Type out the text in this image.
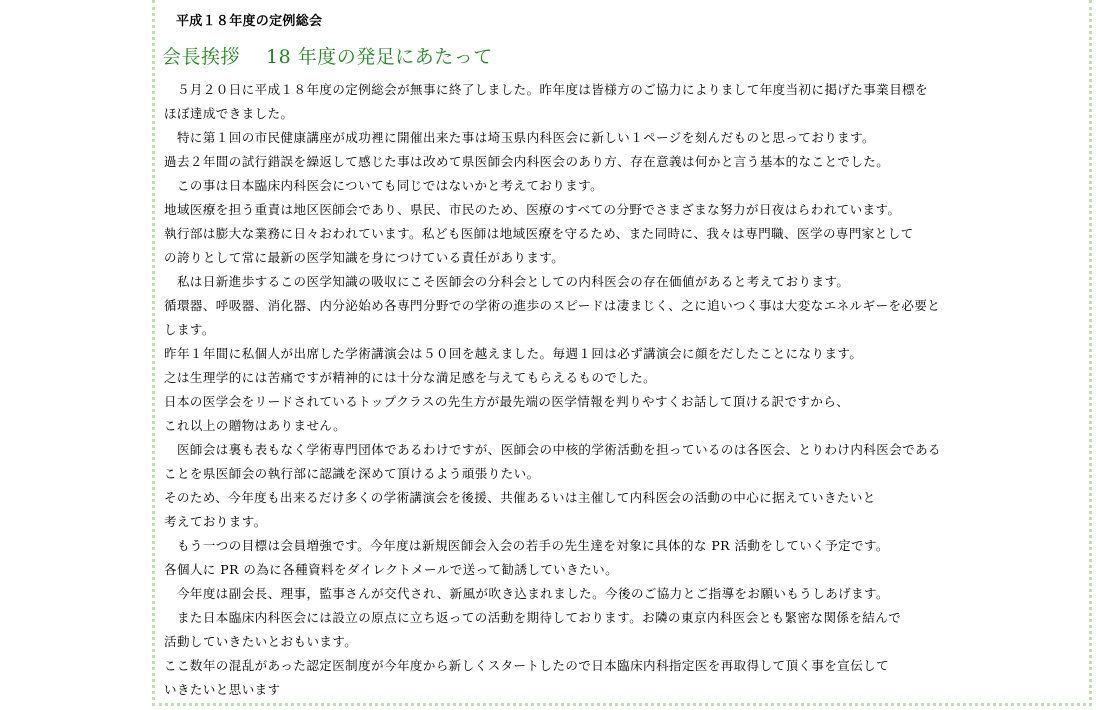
平成１８年度の定例総会
会長挨拶 18 年度の発足にあたって
　５月２０日に平成１８年度の定例総会が無事に終了しました。昨年度は皆様方のご協力によりまして年度当初に掲げた事業目標を
ほぼ達成できました。
　特に第１回の市民健康講座が成功裡に開催出来た事は埼玉県内科医会に新しい１ページを刻んだものと思っております。
過去２年間の試行錯誤を繰返して感じた事は改めて県医師会内科医会のあり方、存在意義は何かと言う基本的なことでした。
　この事は日本臨床内科医会についても同じではないかと考えております。
地域医療を担う重責は地区医師会であり、県民、市民のため、医療のすべての分野でさまざまな努力が日夜はらわれています。
執行部は膨大な業務に日々おわれています。私ども医師は地域医療を守るため、また同時に、我々は専門職、医学の専門家として
の誇りとして常に最新の医学知識を身につけている責任があります。
　私は日新進歩するこの医学知識の吸収にこそ医師会の分科会としての内科医会の存在価値があると考えております。
循環器、呼吸器、消化器、内分泌始め各専門分野での学術の進歩のスピードは凄まじく、之に追いつく事は大変なエネルギーを必要と
します。
昨年１年間に私個人が出席した学術講演会は５０回を越えました。毎週１回は必ず講演会に顔をだしたことになります。
之は生理学的には苦痛ですが精神的には十分な満足感を与えてもらえるものでした。
日本の医学会をリードされているトップクラスの先生方が最先端の医学情報を判りやすくお話して頂ける訳ですから、
これ以上の贈物はありません。
　医師会は裏も表もなく学術専門団体であるわけですが、医師会の中核的学術活動を担っているのは各医会、とりわけ内科医会である
ことを県医師会の執行部に認識を深めて頂けるよう頑張りたい。
そのため、今年度も出来るだけ多くの学術講演会を後援、共催あるいは主催して内科医会の活動の中心に据えていきたいと
考えております。
　もう一つの目標は会員増強です。今年度は新規医師会入会の若手の先生達を対象に具体的な PR 活動をしていく予定です。
各個人に PR の為に各種資料をダイレクトメールで送って勧誘していきたい。
　今年度は副会長、理事，監事さんが交代され、新風が吹き込まれました。今後のご協力とご指導をお願いもうしあげます。
　また日本臨床内科医会には設立の原点に立ち返っての活動を期待しております。お隣の東京内科医会とも緊密な関係を結んで
活動していきたいとおもいます。
ここ数年の混乱があった認定医制度が今年度から新しくスタートしたので日本臨床内科指定医を再取得して頂く事を宣伝して
いきたいと思います
